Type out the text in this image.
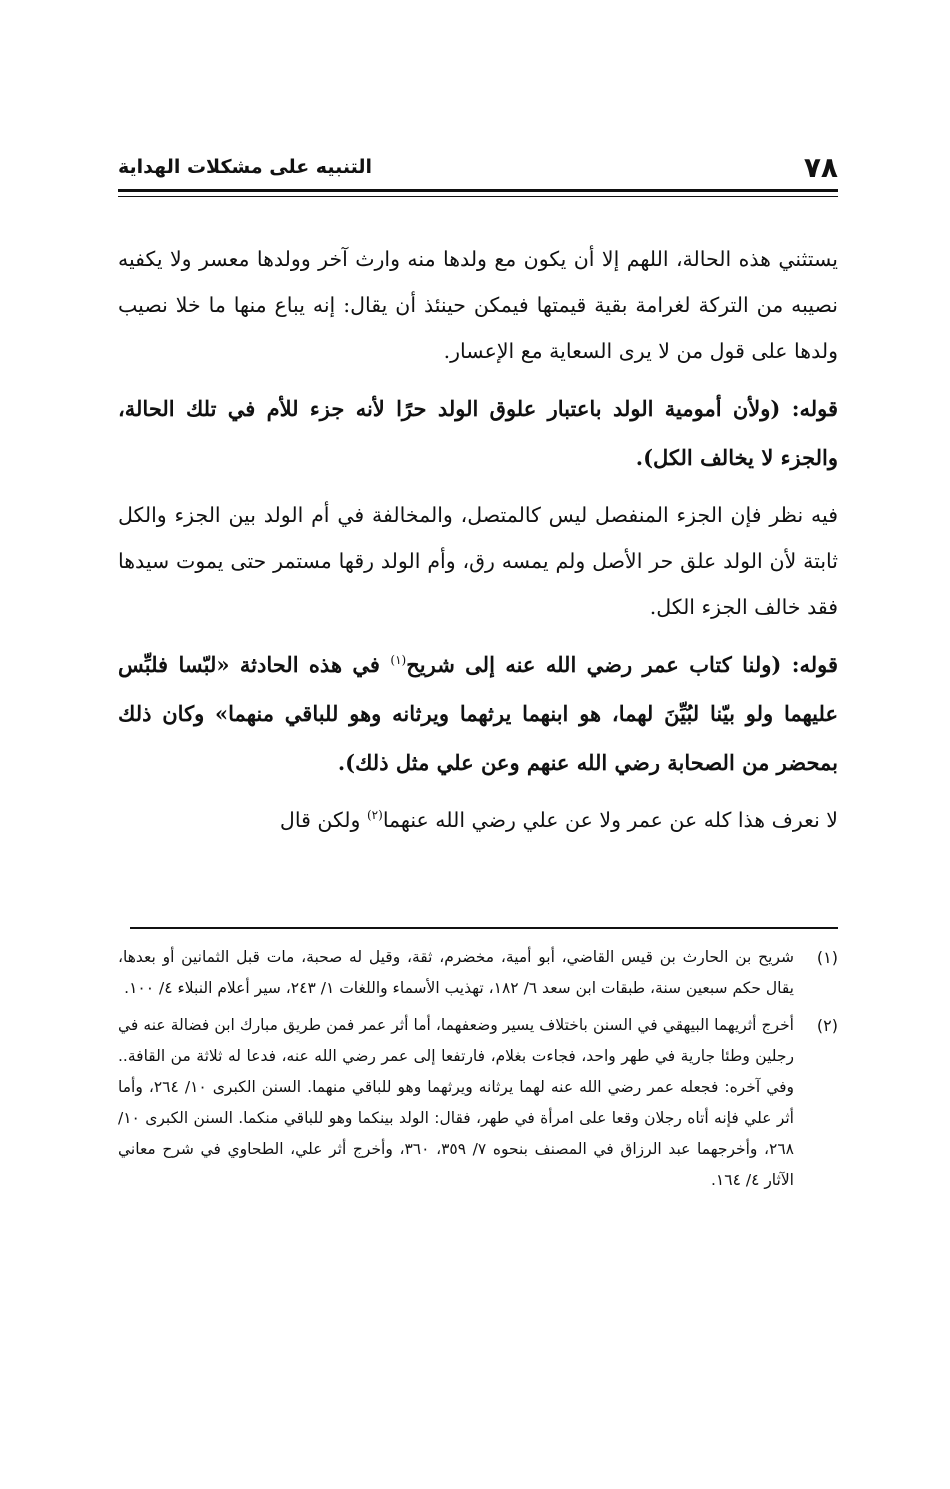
٧٨
التنبيه على مشكلات الهداية

يستثني هذه الحالة، اللهم إلا أن يكون مع ولدها منه وارث آخر وولدها معسر ولا يكفيه نصيبه من التركة لغرامة بقية قيمتها فيمكن حينئذ أن يقال: إنه يباع منها ما خلا نصيب ولدها على قول من لا يرى السعاية مع الإعسار.

قوله: (ولأن أمومية الولد باعتبار علوق الولد حرًا لأنه جزء للأم في تلك الحالة، والجزء لا يخالف الكل).

فيه نظر فإن الجزء المنفصل ليس كالمتصل، والمخالفة في أم الولد بين الجزء والكل ثابتة لأن الولد علق حر الأصل ولم يمسه رق، وأم الولد رقها مستمر حتى يموت سيدها فقد خالف الجزء الكل.

قوله: (ولنا كتاب عمر رضي الله عنه إلى شريح$^{(١)}$ في هذه الحادثة «لبّسا فلبِّس عليهما ولو بيّنا لبُيِّنَ لهما، هو ابنهما يرثهما ويرثانه وهو للباقي منهما» وكان ذلك بمحضر من الصحابة رضي الله عنهم وعن علي مثل ذلك).

لا نعرف هذا كله عن عمر ولا عن علي رضي الله عنهما$^{(٢)}$ ولكن قال

(١)
شريح بن الحارث بن قيس القاضي، أبو أمية، مخضرم، ثقة، وقيل له صحبة، مات قبل الثمانين أو بعدها، يقال حكم سبعين سنة، طبقات ابن سعد ٦/ ١٨٢، تهذيب الأسماء واللغات ١/ ٢٤٣، سير أعلام النبلاء ٤/ ١٠٠.
(٢)
أخرج أثريهما البيهقي في السنن باختلاف يسير وضعفهما، أما أثر عمر فمن طريق مبارك ابن فضالة عنه في رجلين وطئا جارية في طهر واحد، فجاءت بغلام، فارتفعا إلى عمر رضي الله عنه، فدعا له ثلاثة من القافة.. وفي آخره: فجعله عمر رضي الله عنه لهما يرثانه ويرثهما وهو للباقي منهما. السنن الكبرى ١٠/ ٢٦٤، وأما أثر علي فإنه أتاه رجلان وقعا على امرأة في طهر، فقال: الولد بينكما وهو للباقي منكما. السنن الكبرى ١٠/ ٢٦٨، وأخرجهما عبد الرزاق في المصنف بنحوه ٧/ ٣٥٩، ٣٦٠، وأخرج أثر علي، الطحاوي في شرح معاني الآثار ٤/ ١٦٤.
